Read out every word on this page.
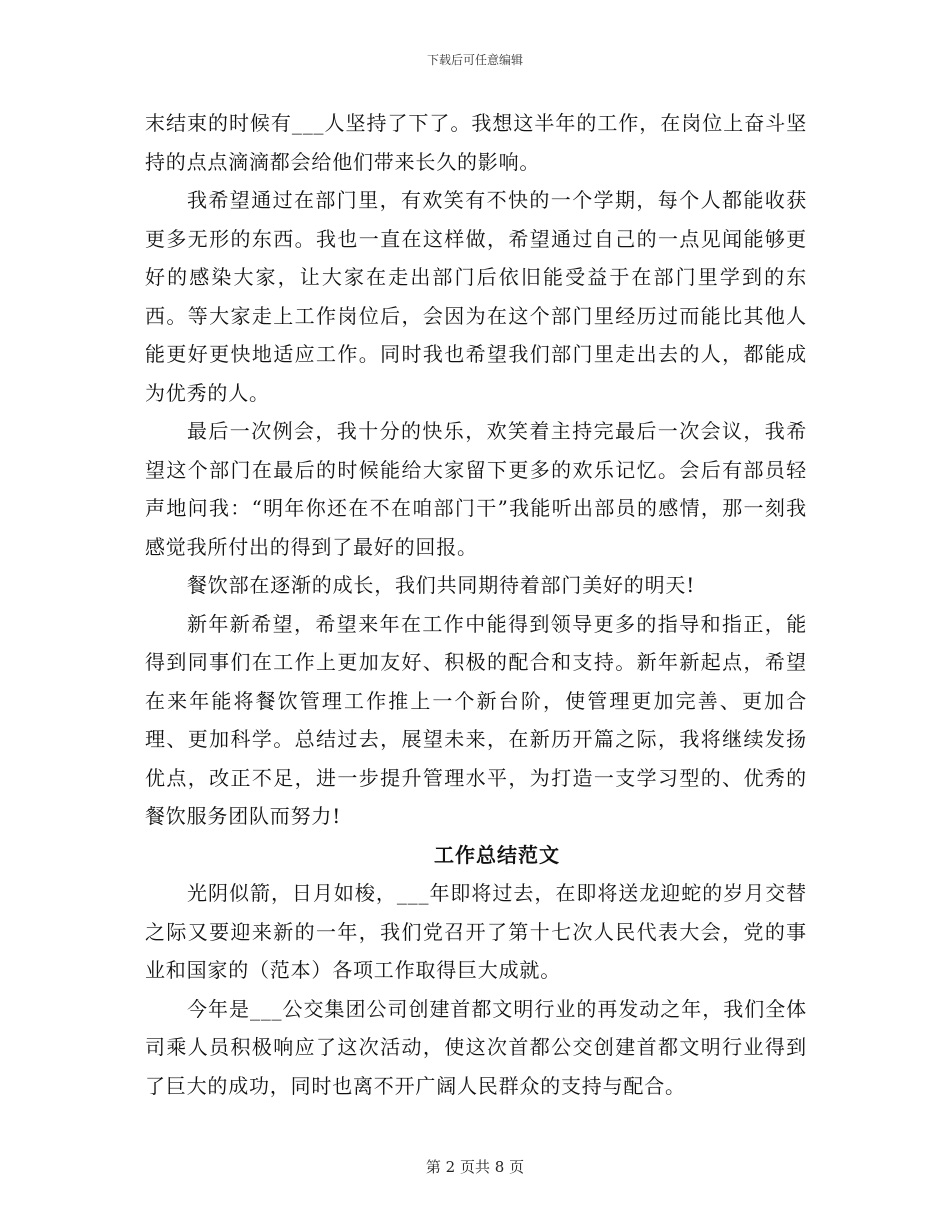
下载后可任意编辑

末结束的时候有___人坚持了下了。我想这半年的工作，在岗位上奋斗坚持的点点滴滴都会给他们带来长久的影响。

我希望通过在部门里，有欢笑有不快的一个学期，每个人都能收获更多无形的东西。我也一直在这样做，希望通过自己的一点见闻能够更好的感染大家，让大家在走出部门后依旧能受益于在部门里学到的东西。等大家走上工作岗位后，会因为在这个部门里经历过而能比其他人能更好更快地适应工作。同时我也希望我们部门里走出去的人，都能成为优秀的人。

最后一次例会，我十分的快乐，欢笑着主持完最后一次会议，我希望这个部门在最后的时候能给大家留下更多的欢乐记忆。会后有部员轻声地问我：“明年你还在不在咱部门干”我能听出部员的感情，那一刻我感觉我所付出的得到了最好的回报。

餐饮部在逐渐的成长，我们共同期待着部门美好的明天!

新年新希望，希望来年在工作中能得到领导更多的指导和指正，能得到同事们在工作上更加友好、积极的配合和支持。新年新起点，希望在来年能将餐饮管理工作推上一个新台阶，使管理更加完善、更加合理、更加科学。总结过去，展望未来，在新历开篇之际，我将继续发扬优点，改正不足，进一步提升管理水平，为打造一支学习型的、优秀的餐饮服务团队而努力!

工作总结范文

光阴似箭，日月如梭，___年即将过去，在即将送龙迎蛇的岁月交替之际又要迎来新的一年，我们党召开了第十七次人民代表大会，党的事业和国家的（范本）各项工作取得巨大成就。

今年是___公交集团公司创建首都文明行业的再发动之年，我们全体司乘人员积极响应了这次活动，使这次首都公交创建首都文明行业得到了巨大的成功，同时也离不开广阔人民群众的支持与配合。

第 2 页共 8 页
